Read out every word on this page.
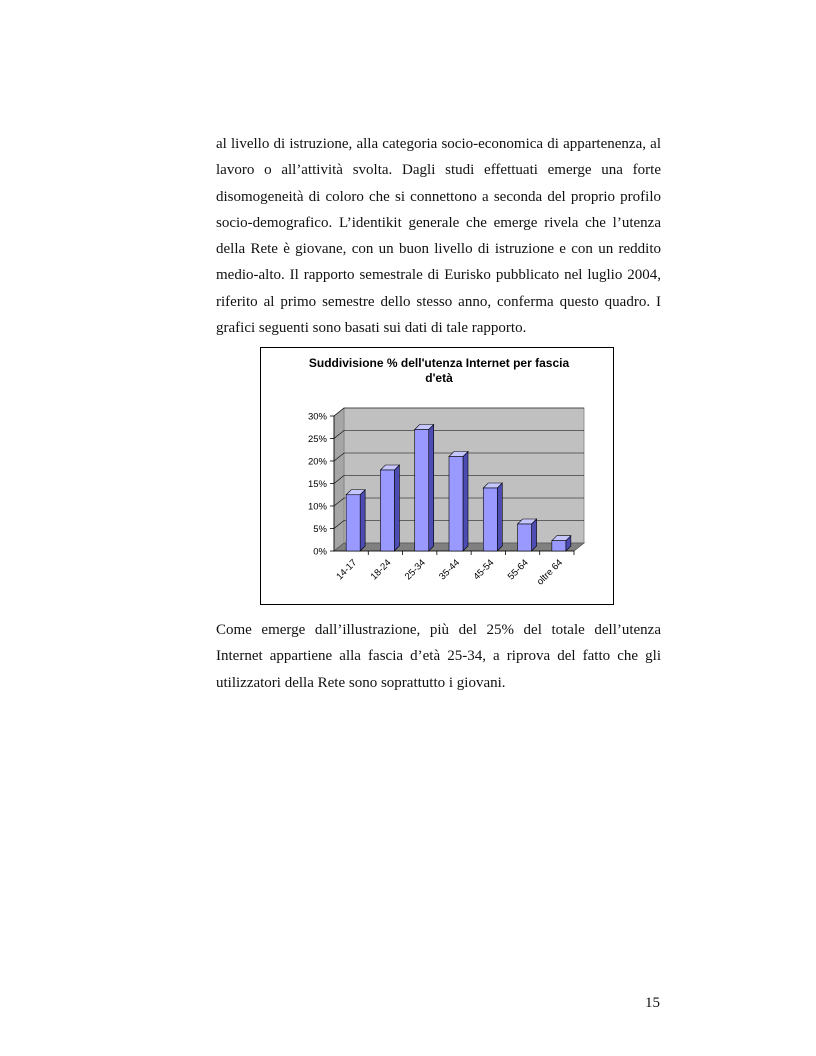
al livello di istruzione, alla categoria socio-economica di appartenenza, al lavoro o all’attività svolta. Dagli studi effettuati emerge una forte disomogeneità di coloro che si connettono a seconda del proprio profilo socio-demografico. L’identikit generale che emerge rivela che l’utenza della Rete è giovane, con un buon livello di istruzione e con un reddito medio-alto. Il rapporto semestrale di Eurisko pubblicato nel luglio 2004, riferito al primo semestre dello stesso anno, conferma questo quadro. I grafici seguenti sono basati sui dati di tale rapporto.

Suddivisione % dell'utenza Internet per fascia
d'età
0%
5%
10%
15%
20%
25%
30%
14-17 18-24 25-34 35-44 45-54 55-64 oltre 64

Come emerge dall’illustrazione, più del 25% del totale dell’utenza Internet appartiene alla fascia d’età 25-34, a riprova del fatto che gli utilizzatori della Rete sono soprattutto i giovani.

15
